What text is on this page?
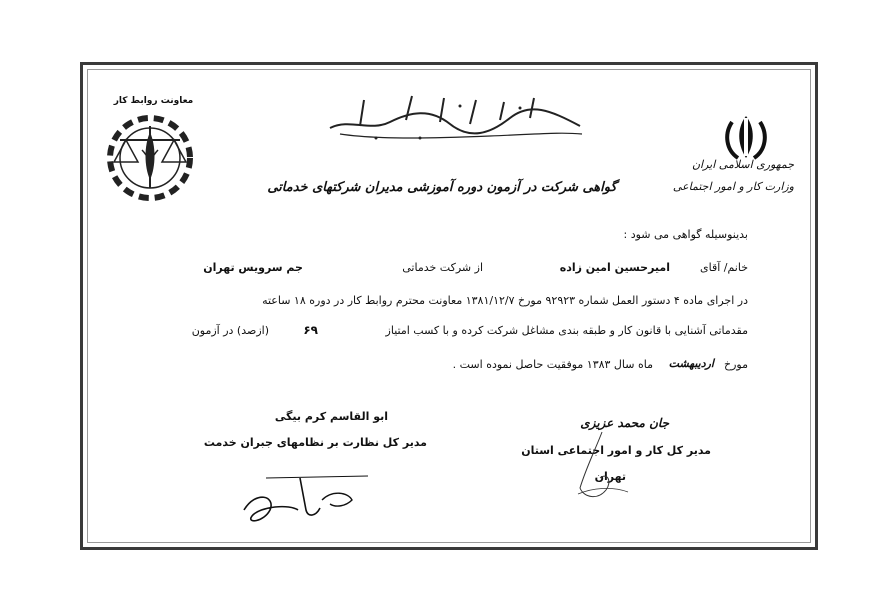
معاونت روابط کار
جمهوری اسلامی ایران
وزارت کار و امور اجتماعی
گواهی شرکت در آزمون دوره آموزشی مدیران شرکتهای خدماتی
بدینوسیله گواهی می شود :
خانم/ آقای
امیرحسین امین زاده
از شرکت خدماتی
جم سرویس تهران
در اجرای ماده ۴ دستور العمل شماره ۹۲۹۲۳ مورخ ۱۳۸۱/۱۲/۷ معاونت محترم روابط کار در دوره ۱۸ ساعته
مقدماتی آشنایی با قانون کار و طبقه بندی مشاغل شرکت کرده و با کسب امتیاز
۶۹
(ازصد) در آزمون
مورخ
اردیبهشت
ماه سال ۱۳۸۳ موفقیت حاصل نموده است .
جان محمد عزیزی
مدیر کل کار و امور اجتماعی استان
تهران
ابو القاسم کرم بیگی
مدیر کل نظارت بر نظامهای جبران خدمت
